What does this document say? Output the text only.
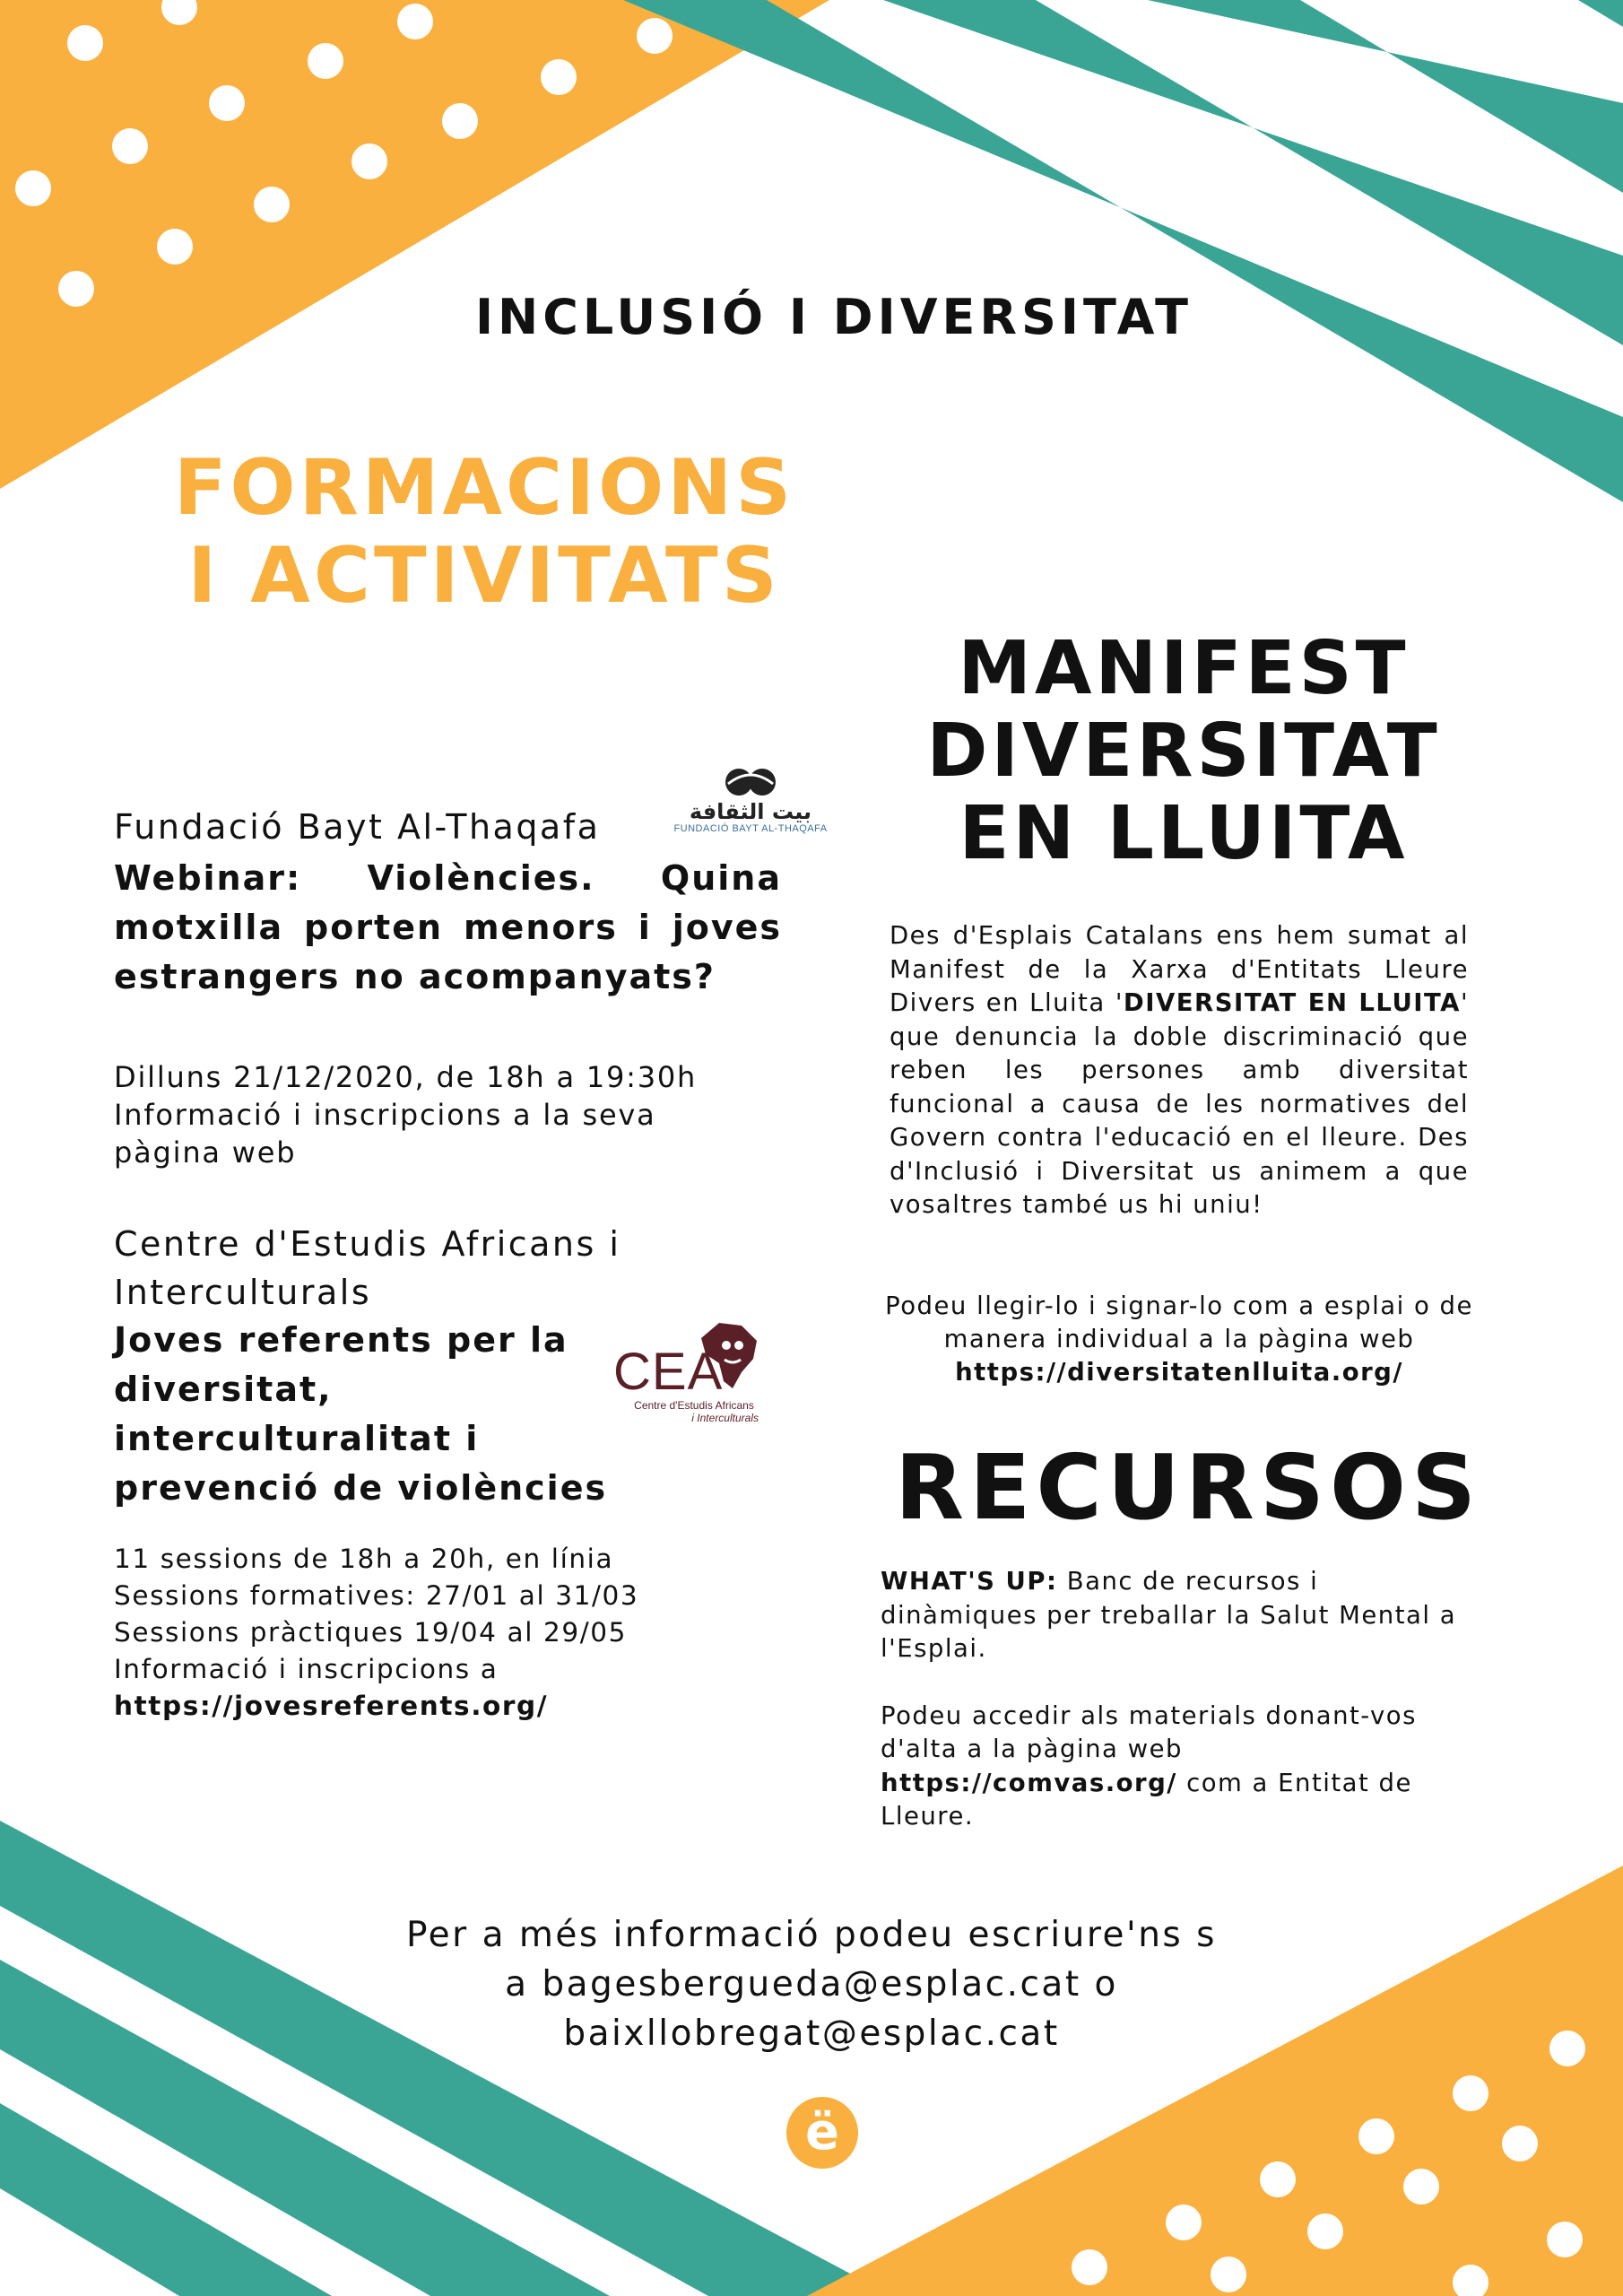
INCLUSIÓ I DIVERSITAT
FORMACIONS
I ACTIVITATS
Fundació Bayt Al-Thaqafa	بيت الثقافة
FUNDACIÓ BAYT AL-THAQAFA
Webinar: Violències. Quina motxilla porten menors i joves estrangers no acompanyats?
Dilluns 21/12/2020, de 18h a 19:30h
Informació i inscripcions a la seva pàgina web
Centre d'Estudis Africans i
Interculturals
Joves referents per la
diversitat,
interculturalitat i
prevenció de violències
CEA
Centre d'Estudis Africans
i Interculturals
11 sessions de 18h a 20h, en línia
Sessions formatives: 27/01 al 31/03
Sessions pràctiques 19/04 al 29/05
Informació i inscripcions a
https://jovesreferents.org/
MANIFEST
DIVERSITAT
EN LLUITA
Des d'Esplais Catalans ens hem sumat al Manifest de la Xarxa d'Entitats Lleure Divers en Lluita 'DIVERSITAT EN LLUITA' que denuncia la doble discriminació que reben les persones amb diversitat funcional a causa de les normatives del Govern contra l'educació en el lleure. Des d'Inclusió i Diversitat us animem a que vosaltres també us hi uniu!
Podeu llegir-lo i signar-lo com a esplai o de manera individual a la pàgina web
https://diversitatenlluita.org/
RECURSOS
WHAT'S UP: Banc de recursos i dinàmiques per treballar la Salut Mental a l'Esplai.
Podeu accedir als materials donant-vos d'alta a la pàgina web https://comvas.org/ com a Entitat de Lleure.
Per a més informació podeu escriure'ns s
a bagesbergueda@esplac.cat o
baixllobregat@esplac.cat
ё
